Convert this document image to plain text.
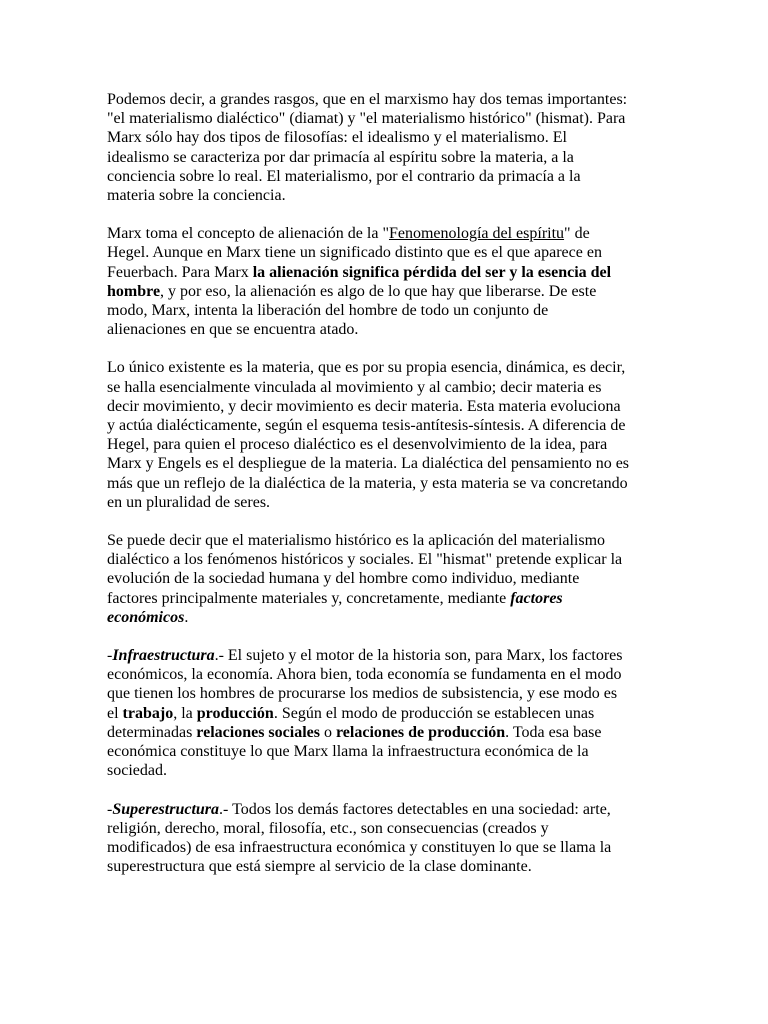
Podemos decir, a grandes rasgos, que en el marxismo hay dos temas importantes:
"el materialismo dialéctico" (diamat) y "el materialismo histórico" (hismat). Para
Marx sólo hay dos tipos de filosofías: el idealismo y el materialismo. El
idealismo se caracteriza por dar primacía al espíritu sobre la materia, a la
conciencia sobre lo real. El materialismo, por el contrario da primacía a la
materia sobre la conciencia.

Marx toma el concepto de alienación de la "Fenomenología del espíritu" de
Hegel. Aunque en Marx tiene un significado distinto que es el que aparece en
Feuerbach. Para Marx la alienación significa pérdida del ser y la esencia del
hombre, y por eso, la alienación es algo de lo que hay que liberarse. De este
modo, Marx, intenta la liberación del hombre de todo un conjunto de
alienaciones en que se encuentra atado.

Lo único existente es la materia, que es por su propia esencia, dinámica, es decir,
se halla esencialmente vinculada al movimiento y al cambio; decir materia es
decir movimiento, y decir movimiento es decir materia. Esta materia evoluciona
y actúa dialécticamente, según el esquema tesis-antítesis-síntesis. A diferencia de
Hegel, para quien el proceso dialéctico es el desenvolvimiento de la idea, para
Marx y Engels es el despliegue de la materia. La dialéctica del pensamiento no es
más que un reflejo de la dialéctica de la materia, y esta materia se va concretando
en un pluralidad de seres.

Se puede decir que el materialismo histórico es la aplicación del materialismo
dialéctico a los fenómenos históricos y sociales. El "hismat" pretende explicar la
evolución de la sociedad humana y del hombre como individuo, mediante
factores principalmente materiales y, concretamente, mediante factores
económicos.

-Infraestructura.- El sujeto y el motor de la historia son, para Marx, los factores
económicos, la economía. Ahora bien, toda economía se fundamenta en el modo
que tienen los hombres de procurarse los medios de subsistencia, y ese modo es
el trabajo, la producción. Según el modo de producción se establecen unas
determinadas relaciones sociales o relaciones de producción. Toda esa base
económica constituye lo que Marx llama la infraestructura económica de la
sociedad.

-Superestructura.- Todos los demás factores detectables en una sociedad: arte,
religión, derecho, moral, filosofía, etc., son consecuencias (creados y
modificados) de esa infraestructura económica y constituyen lo que se llama la
superestructura que está siempre al servicio de la clase dominante.
